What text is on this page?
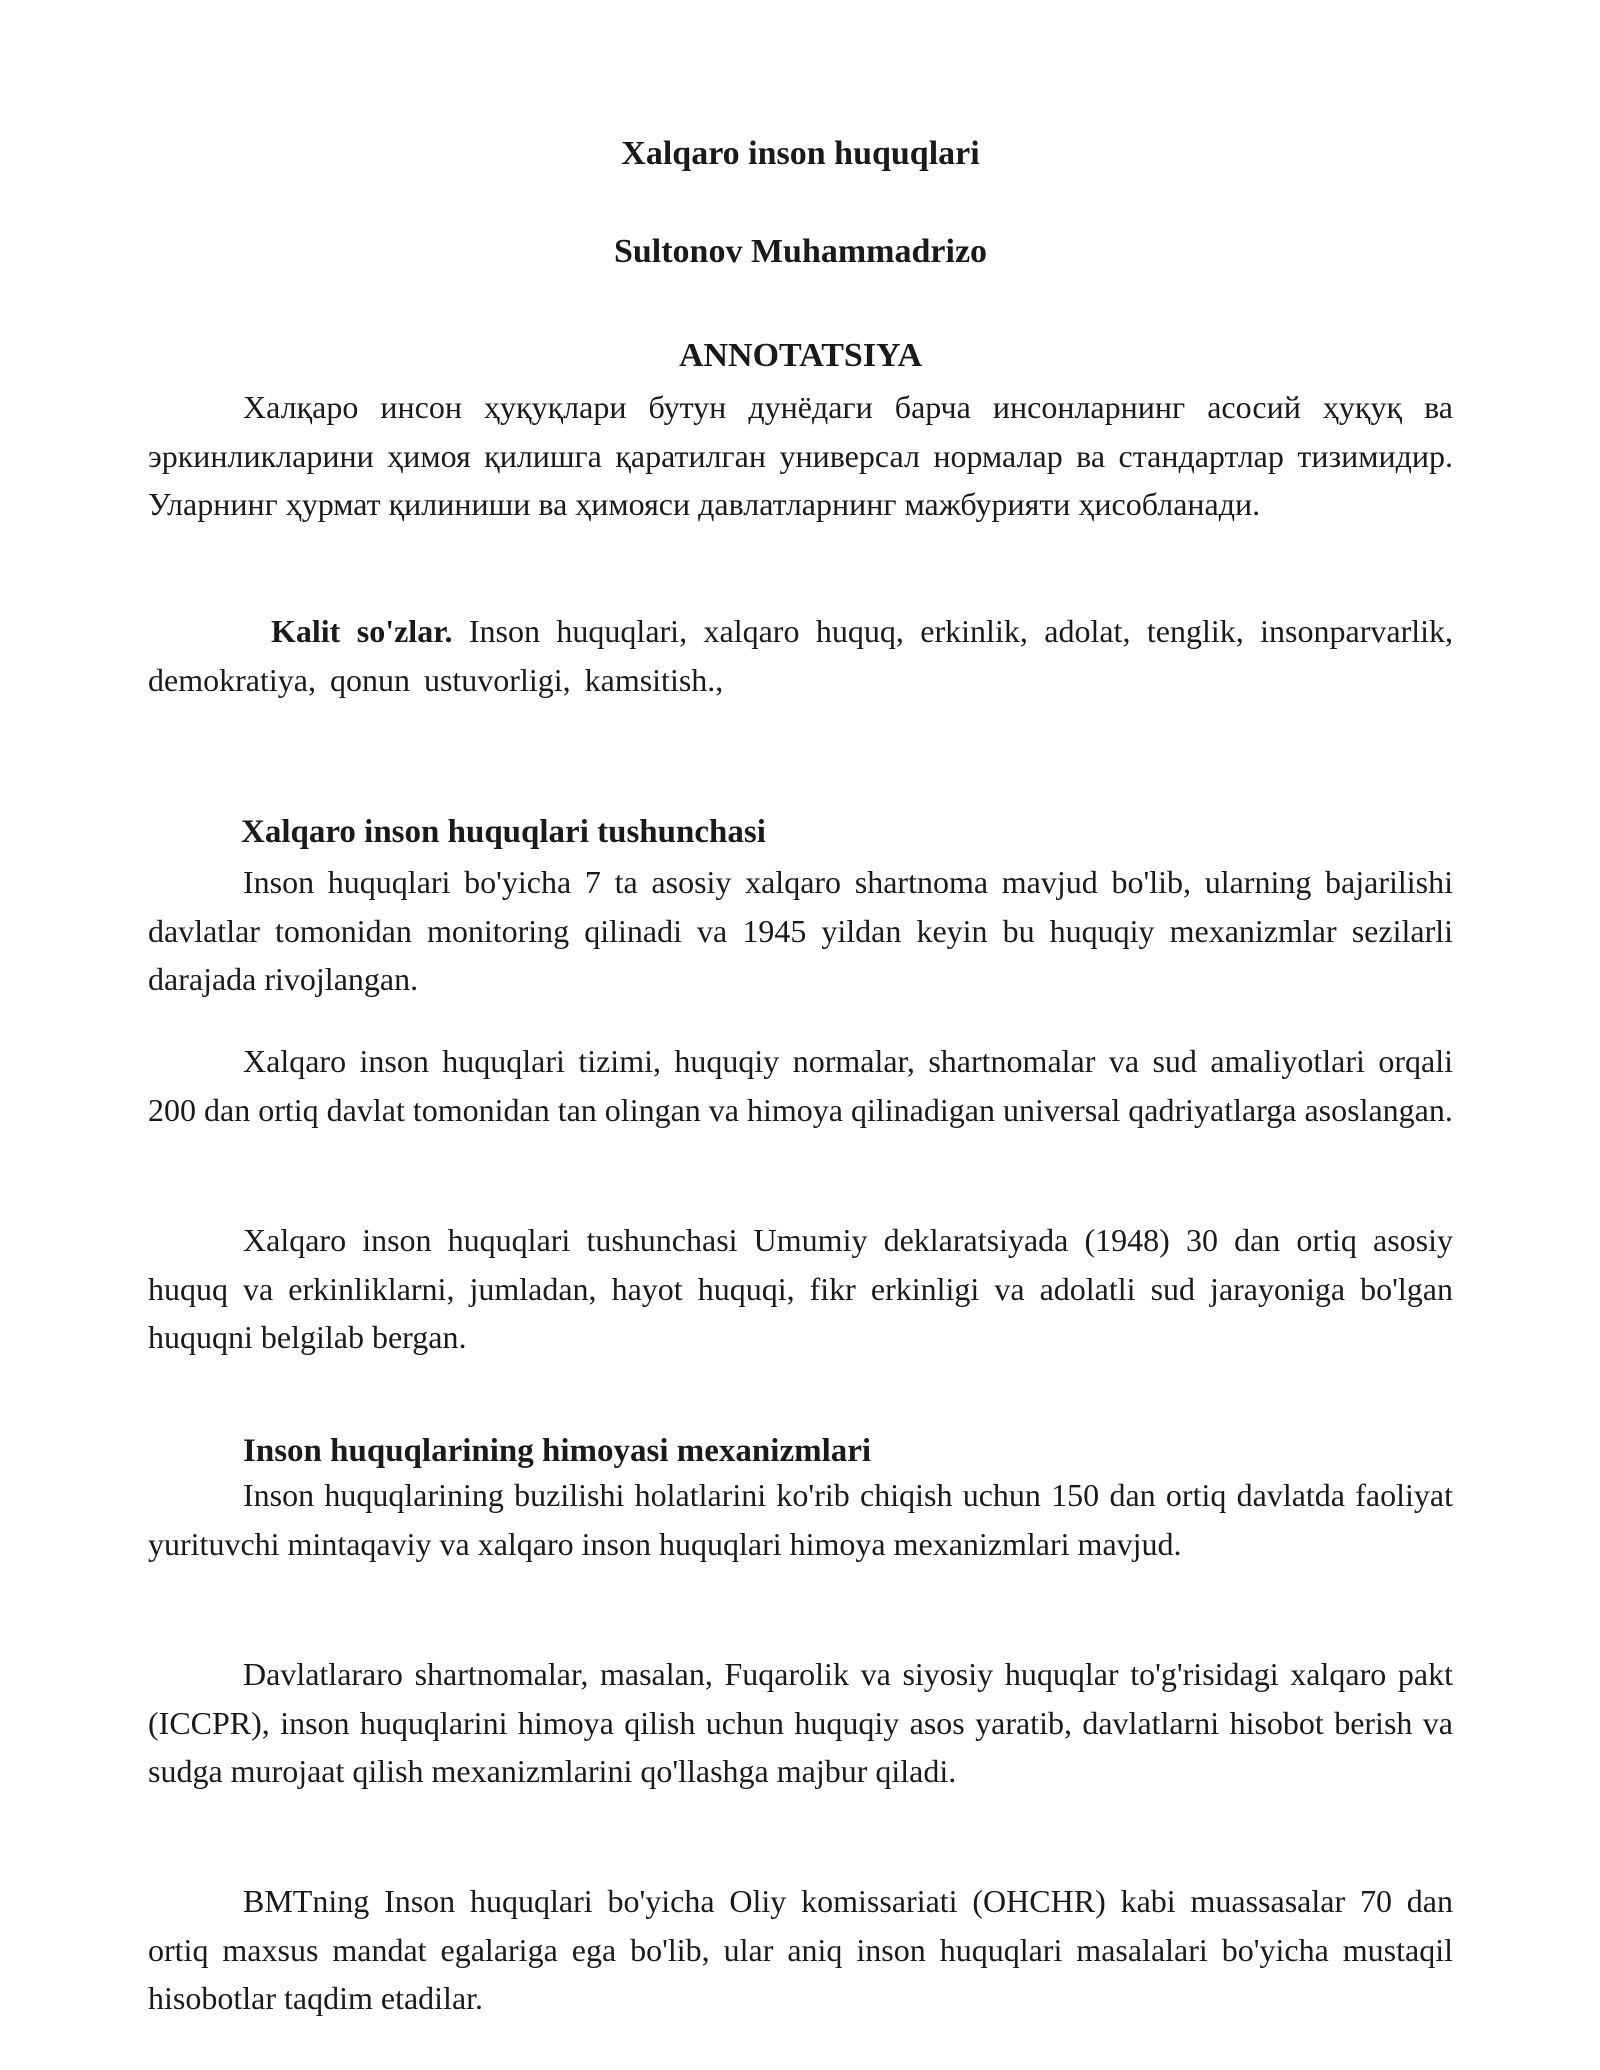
Xalqaro inson huquqlari

Sultonov Muhammadrizo

ANNOTATSIYA

Халқаро инсон ҳуқуқлари бутун дунёдаги барча инсонларнинг асосий ҳуқуқ ва эркинликларини ҳимоя қилишга қаратилган универсал нормалар ва стандартлар тизимидир. Уларнинг ҳурмат қилиниши ва ҳимояси давлатларнинг мажбурияти ҳисобланади.

Kalit so'zlar. Inson huquqlari, xalqaro huquq, erkinlik, adolat, tenglik, insonparvarlik, demokratiya, qonun ustuvorligi, kamsitish.,

Xalqaro inson huquqlari tushunchasi

Inson huquqlari bo'yicha 7 ta asosiy xalqaro shartnoma mavjud bo'lib, ularning bajarilishi davlatlar tomonidan monitoring qilinadi va 1945 yildan keyin bu huquqiy mexanizmlar sezilarli darajada rivojlangan.

Xalqaro inson huquqlari tizimi, huquqiy normalar, shartnomalar va sud amaliyotlari orqali 200 dan ortiq davlat tomonidan tan olingan va himoya qilinadigan universal qadriyatlarga asoslangan.

Xalqaro inson huquqlari tushunchasi Umumiy deklaratsiyada (1948) 30 dan ortiq asosiy huquq va erkinliklarni, jumladan, hayot huquqi, fikr erkinligi va adolatli sud jarayoniga bo'lgan huquqni belgilab bergan.

Inson huquqlarining himoyasi mexanizmlari

Inson huquqlarining buzilishi holatlarini ko'rib chiqish uchun 150 dan ortiq davlatda faoliyat yurituvchi mintaqaviy va xalqaro inson huquqlari himoya mexanizmlari mavjud.

Davlatlararo shartnomalar, masalan, Fuqarolik va siyosiy huquqlar to'g'risidagi xalqaro pakt (ICCPR), inson huquqlarini himoya qilish uchun huquqiy asos yaratib, davlatlarni hisobot berish va sudga murojaat qilish mexanizmlarini qo'llashga majbur qiladi.

BMTning Inson huquqlari bo'yicha Oliy komissariati (OHCHR) kabi muassasalar 70 dan ortiq maxsus mandat egalariga ega bo'lib, ular aniq inson huquqlari masalalari bo'yicha mustaqil hisobotlar taqdim etadilar.
